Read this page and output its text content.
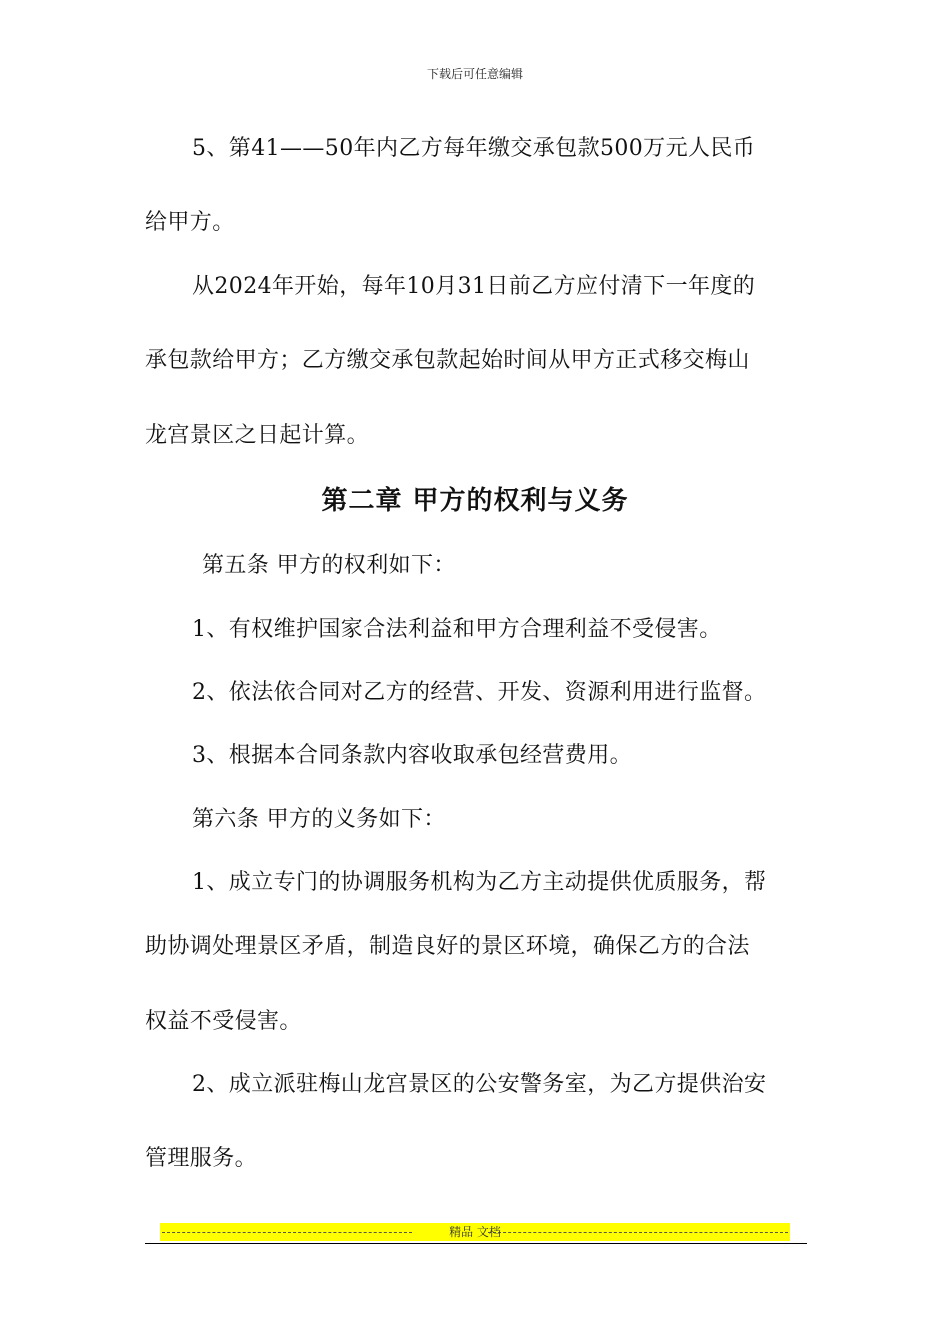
下载后可任意编辑
5、第41——50年内乙方每年缴交承包款500万元人民币
给甲方。
从2024年开始，每年10月31日前乙方应付清下一年度的
承包款给甲方；乙方缴交承包款起始时间从甲方正式移交梅山
龙宫景区之日起计算。
第二章 甲方的权利与义务
第五条 甲方的权利如下：
1、有权维护国家合法利益和甲方合理利益不受侵害。
2、依法依合同对乙方的经营、开发、资源利用进行监督。
3、根据本合同条款内容收取承包经营费用。
第六条 甲方的义务如下：
1、成立专门的协调服务机构为乙方主动提供优质服务，帮
助协调处理景区矛盾，制造良好的景区环境，确保乙方的合法
权益不受侵害。
2、成立派驻梅山龙宫景区的公安警务室，为乙方提供治安
管理服务。
精品 文档
